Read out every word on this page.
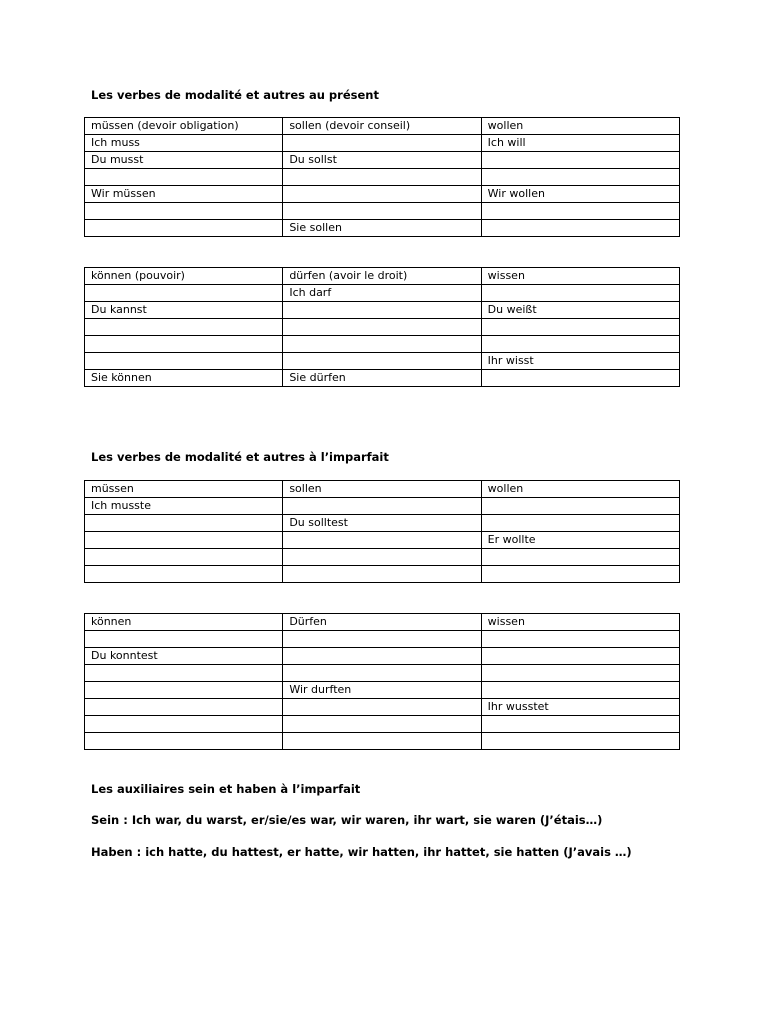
Les verbes de modalité et autres au présent
müssen (devoir obligation)	sollen (devoir conseil)	wollen
Ich muss		Ich will
Du musst	Du sollst	

Wir müssen		Wir wollen

	Sie sollen	
können (pouvoir)	dürfen (avoir le droit)	wissen
	Ich darf	
Du kannst		Du weißt

		Ihr wisst
Sie können	Sie dürfen	
Les verbes de modalité et autres à l’imparfait
müssen	sollen	wollen
Ich musste		
	Du solltest	
		Er wollte

können	Dürfen	wissen

Du konntest		

	Wir durften	
		Ihr wusstet

Les auxiliaires sein et haben à l’imparfait

Sein : Ich war, du warst, er/sie/es war, wir waren, ihr wart, sie waren (J’étais…)

Haben : ich hatte, du hattest, er hatte, wir hatten, ihr hattet, sie hatten (J’avais …)
